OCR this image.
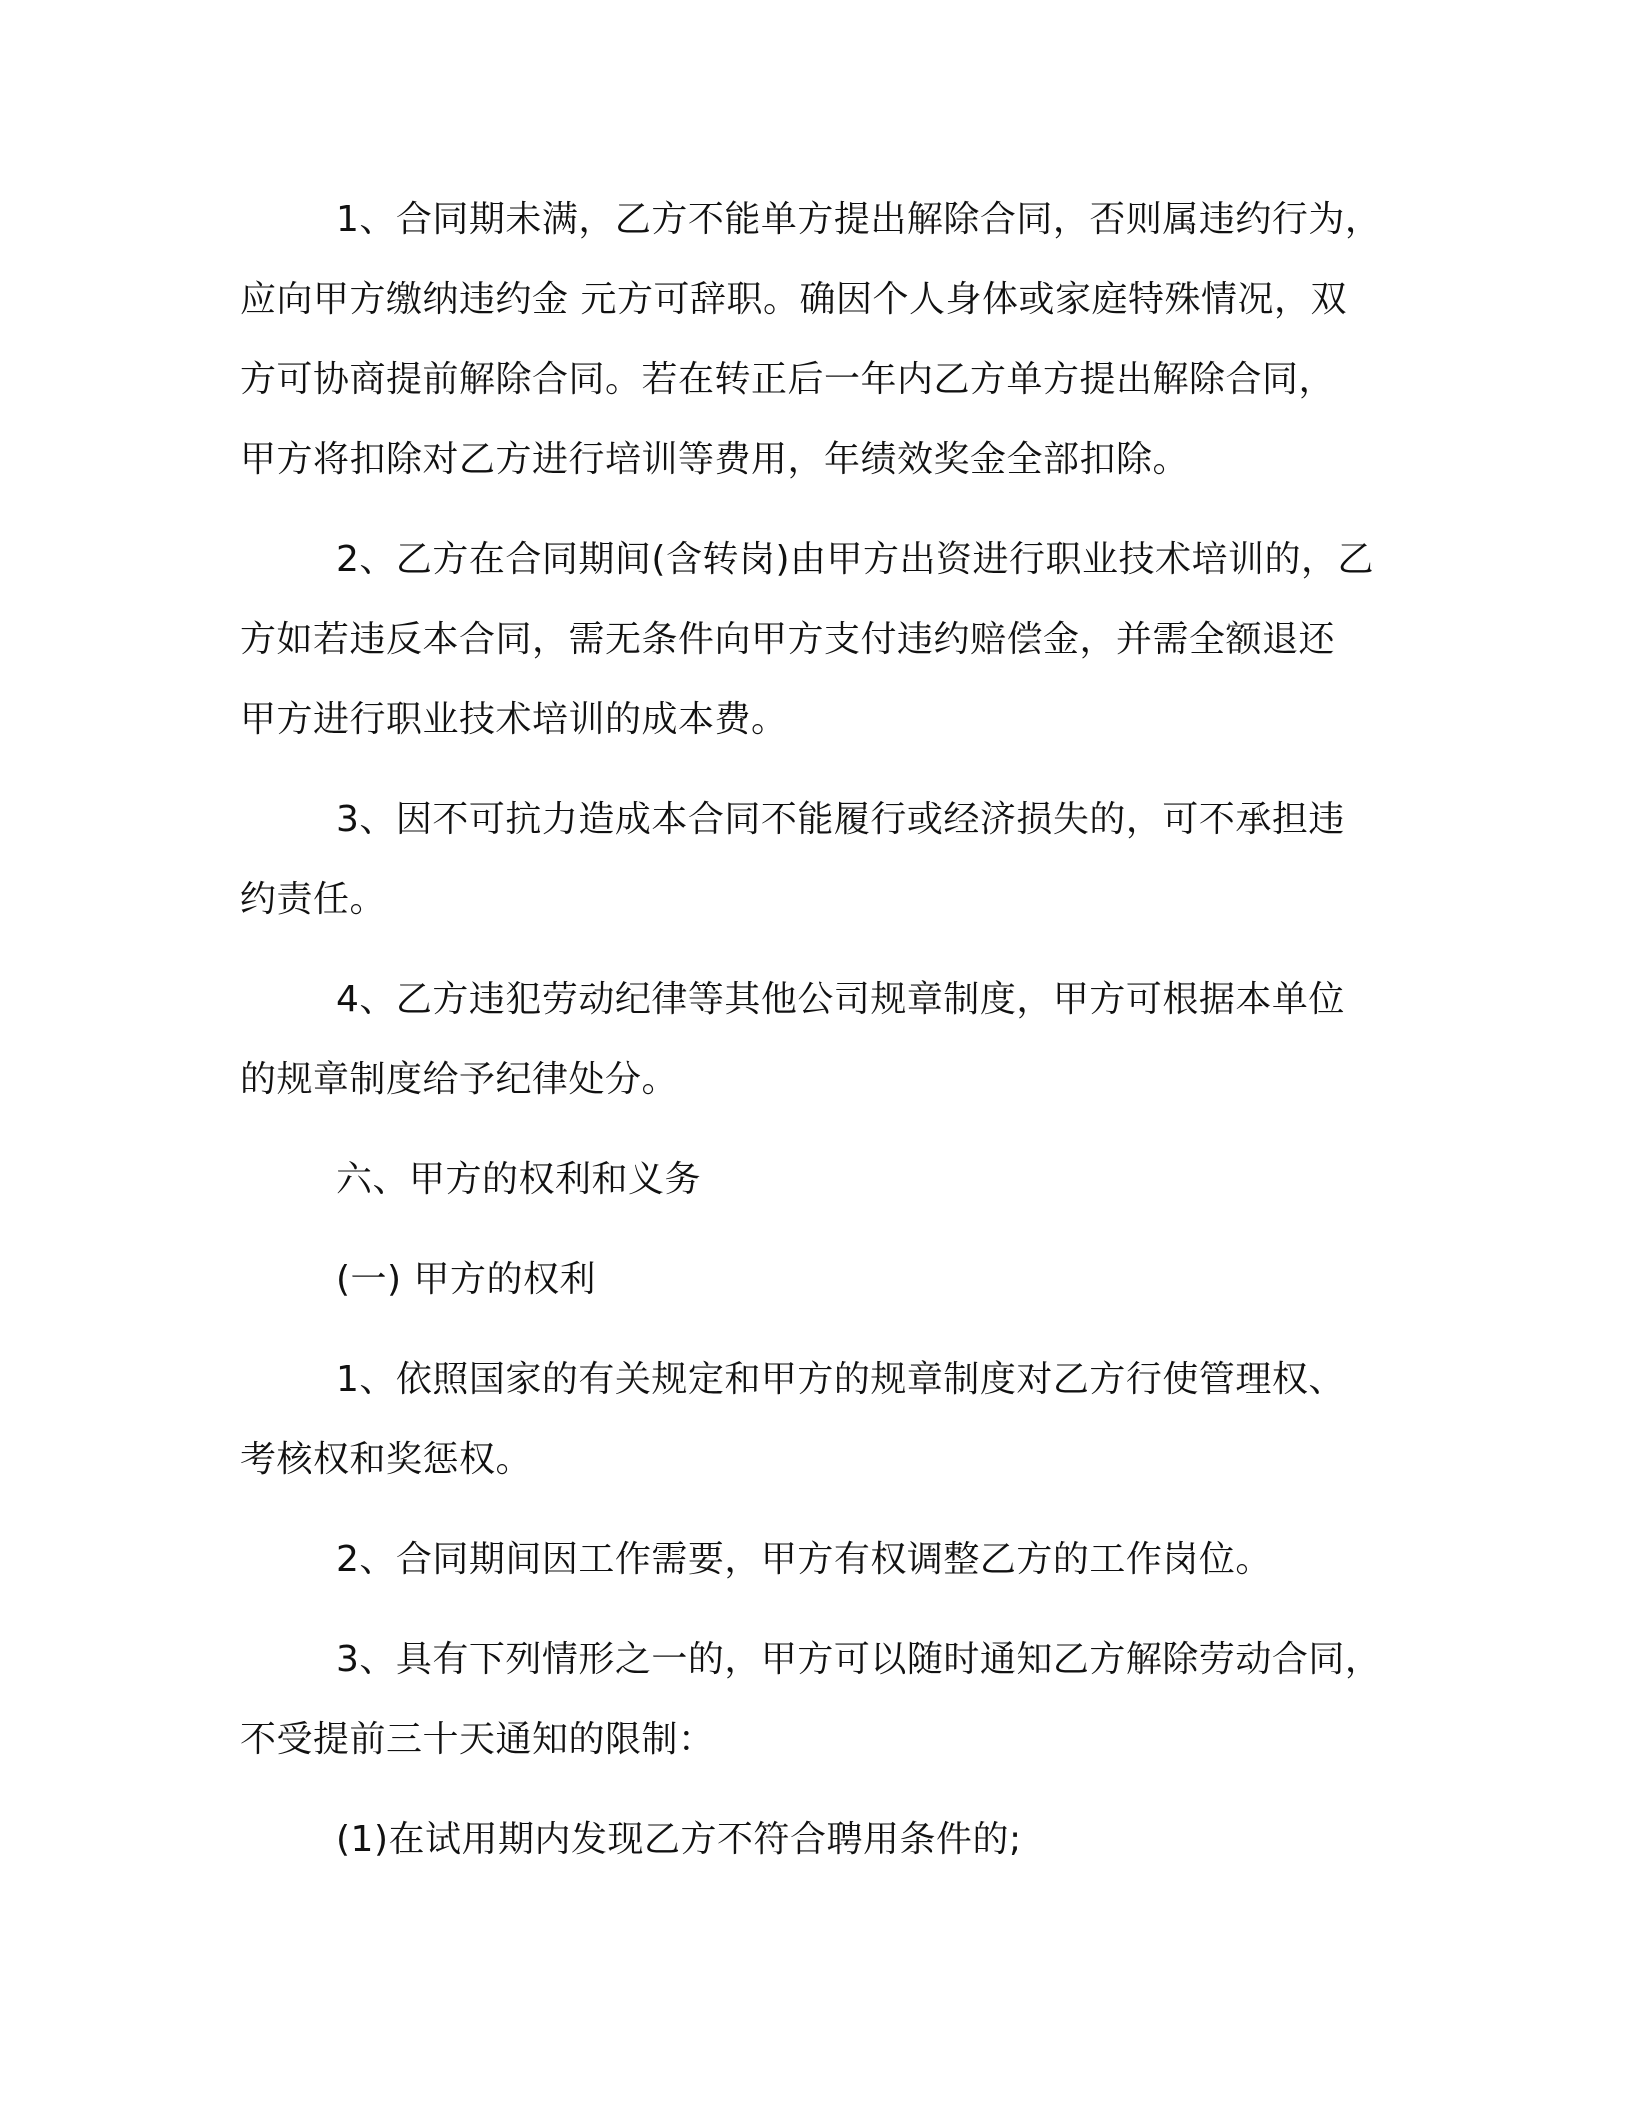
1、合同期未满，乙方不能单方提出解除合同，否则属违约行为，
应向甲方缴纳违约金 元方可辞职。确因个人身体或家庭特殊情况，双
方可协商提前解除合同。若在转正后一年内乙方单方提出解除合同，
甲方将扣除对乙方进行培训等费用，年绩效奖金全部扣除。
2、乙方在合同期间(含转岗)由甲方出资进行职业技术培训的，乙
方如若违反本合同，需无条件向甲方支付违约赔偿金，并需全额退还
甲方进行职业技术培训的成本费。
3、因不可抗力造成本合同不能履行或经济损失的，可不承担违
约责任。
4、乙方违犯劳动纪律等其他公司规章制度，甲方可根据本单位
的规章制度给予纪律处分。
六、甲方的权利和义务
(一) 甲方的权利
1、依照国家的有关规定和甲方的规章制度对乙方行使管理权、
考核权和奖惩权。
2、合同期间因工作需要，甲方有权调整乙方的工作岗位。
3、具有下列情形之一的，甲方可以随时通知乙方解除劳动合同，
不受提前三十天通知的限制：
(1)在试用期内发现乙方不符合聘用条件的;
